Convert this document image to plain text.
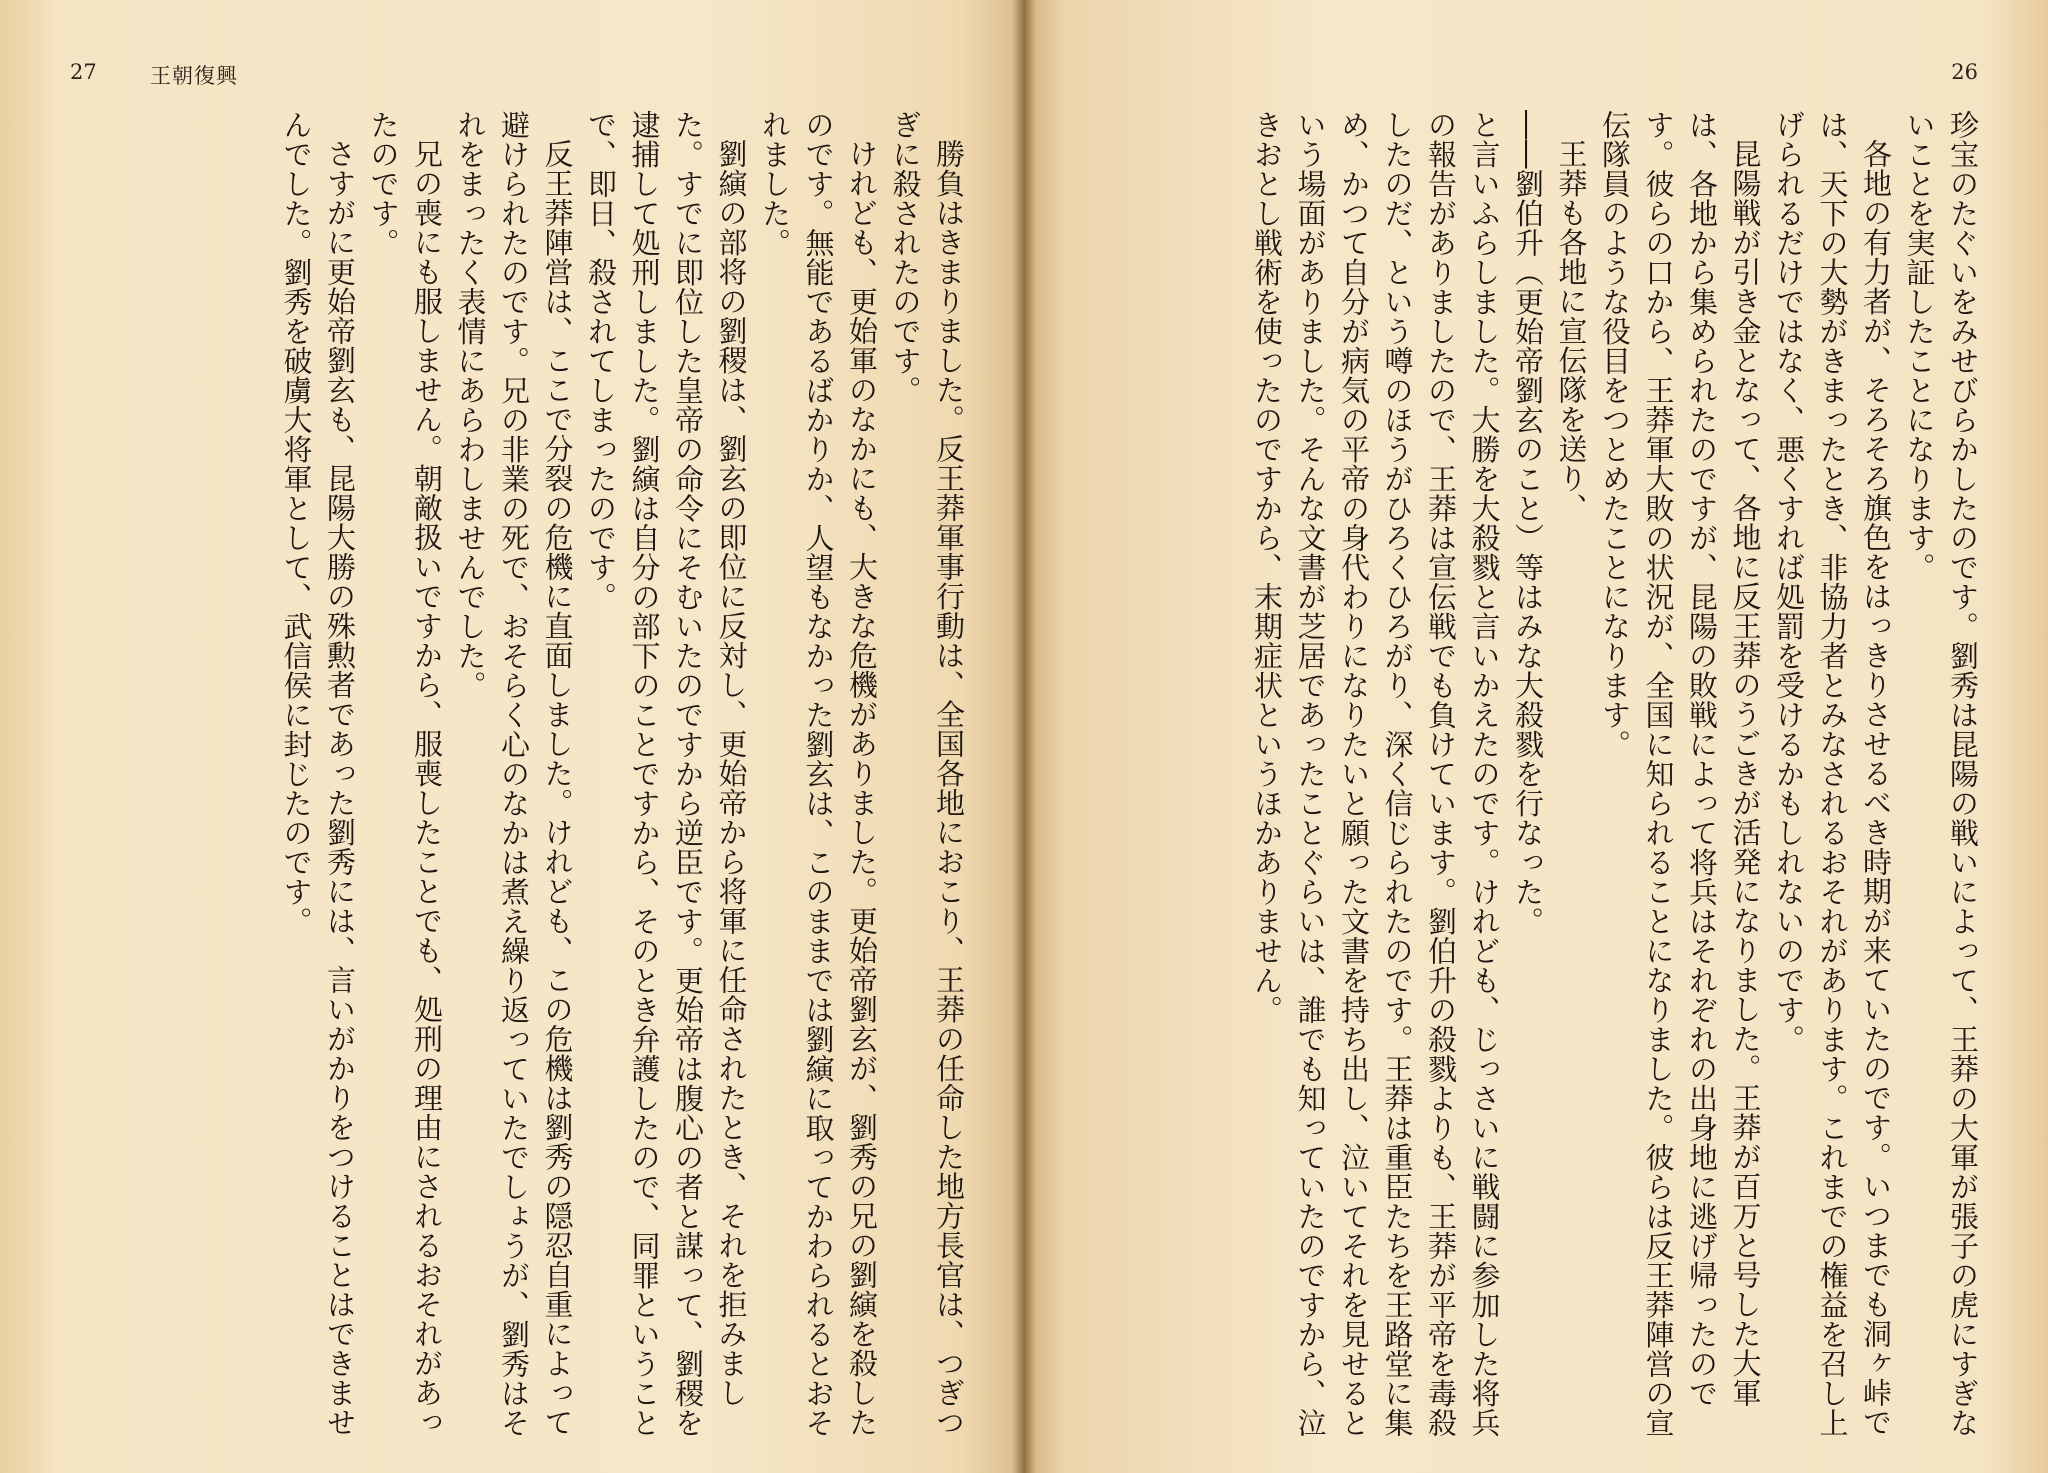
27	王朝復興

勝負はきまりました。反王莽軍事行動は、全国各地におこり、王莽の任命した地方長官は、つぎつぎに殺されたのです。

けれども、更始軍のなかにも、大きな危機がありました。更始帝劉玄が、劉秀の兄の劉縯を殺したのです。無能であるばかりか、人望もなかった劉玄は、このままでは劉縯に取ってかわられるとおそれました。

劉縯の部将の劉稷は、劉玄の即位に反対し、更始帝から将軍に任命されたとき、それを拒みました。すでに即位した皇帝の命令にそむいたのですから逆臣です。更始帝は腹心の者と謀って、劉稷を逮捕して処刑しました。劉縯は自分の部下のことですから、そのとき弁護したので、同罪ということで、即日、殺されてしまったのです。

反王莽陣営は、ここで分裂の危機に直面しました。けれども、この危機は劉秀の隠忍自重によって避けられたのです。兄の非業の死で、おそらく心のなかは煮え繰り返っていたでしょうが、劉秀はそれをまったく表情にあらわしませんでした。

兄の喪にも服しません。朝敵扱いですから、服喪したことでも、処刑の理由にされるおそれがあったのです。

さすがに更始帝劉玄も、昆陽大勝の殊勲者であった劉秀には、言いがかりをつけることはできませんでした。劉秀を破虜大将軍として、武信侯に封じたのです。

26

珍宝のたぐいをみせびらかしたのです。劉秀は昆陽の戦いによって、王莽の大軍が張子の虎にすぎないことを実証したことになります。

各地の有力者が、そろそろ旗色をはっきりさせるべき時期が来ていたのです。いつまでも洞ヶ峠では、天下の大勢がきまったとき、非協力者とみなされるおそれがあります。これまでの権益を召し上げられるだけではなく、悪くすれば処罰を受けるかもしれないのです。

昆陽戦が引き金となって、各地に反王莽のうごきが活発になりました。王莽が百万と号した大軍は、各地から集められたのですが、昆陽の敗戦によって将兵はそれぞれの出身地に逃げ帰ったのです。彼らの口から、王莽軍大敗の状況が、全国に知られることになりました。彼らは反王莽陣営の宣伝隊員のような役目をつとめたことになります。

王莽も各地に宣伝隊を送り、

――劉伯升（更始帝劉玄のこと）等はみな大殺戮を行なった。

と言いふらしました。大勝を大殺戮と言いかえたのです。けれども、じっさいに戦闘に参加した将兵の報告がありましたので、王莽は宣伝戦でも負けています。劉伯升の殺戮よりも、王莽が平帝を毒殺したのだ、という噂のほうがひろくひろがり、深く信じられたのです。王莽は重臣たちを王路堂に集め、かつて自分が病気の平帝の身代わりになりたいと願った文書を持ち出し、泣いてそれを見せるという場面がありました。そんな文書が芝居であったことぐらいは、誰でも知っていたのですから、泣きおとし戦術を使ったのですから、末期症状というほかありません。
